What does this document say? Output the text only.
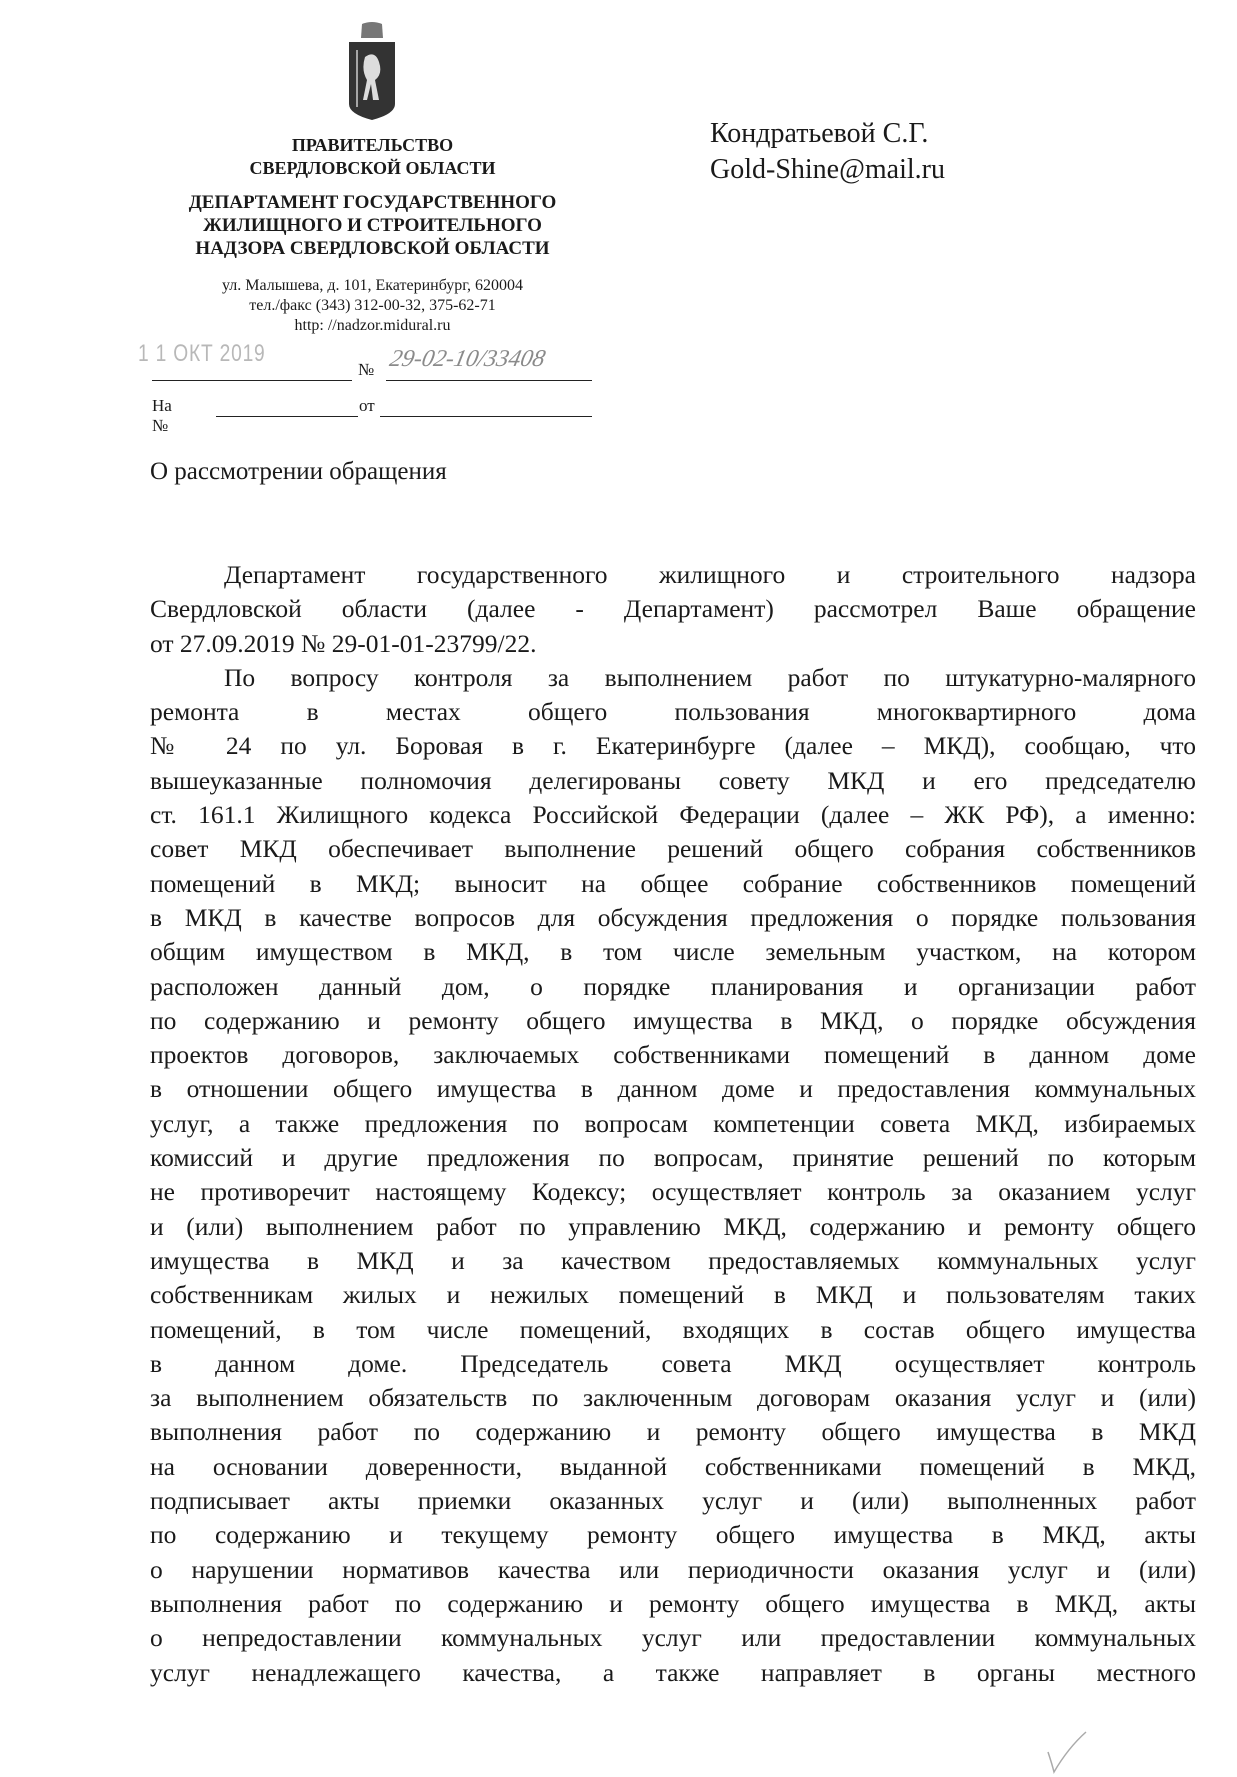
ПРАВИТЕЛЬСТВО
СВЕРДЛОВСКОЙ ОБЛАСТИ
ДЕПАРТАМЕНТ ГОСУДАРСТВЕННОГО
ЖИЛИЩНОГО И СТРОИТЕЛЬНОГО
НАДЗОРА СВЕРДЛОВСКОЙ ОБЛАСТИ
ул. Малышева, д. 101, Екатеринбург, 620004
тел./факс (343) 312-00-32, 375-62-71
http: //nadzor.midural.ru
1 1 ОКТ 2019
№
На №
от
29-02-10/33408
Кондратьевой С.Г.
Gold-Shine@mail.ru
О рассмотрении обращения
Департамент государственного жилищного и строительного надзора
Свердловской области (далее - Департамент) рассмотрел Ваше обращение
от 27.09.2019 № 29-01-01-23799/22.
По вопросу контроля за выполнением работ по штукатурно-малярного
ремонта в местах общего пользования многоквартирного дома
№ 24 по ул. Боровая в г. Екатеринбурге (далее – МКД), сообщаю, что
вышеуказанные полномочия делегированы совету МКД и его председателю
ст. 161.1 Жилищного кодекса Российской Федерации (далее – ЖК РФ), а именно:
совет МКД обеспечивает выполнение решений общего собрания собственников
помещений в МКД; выносит на общее собрание собственников помещений
в МКД в качестве вопросов для обсуждения предложения о порядке пользования
общим имуществом в МКД, в том числе земельным участком, на котором
расположен данный дом, о порядке планирования и организации работ
по содержанию и ремонту общего имущества в МКД, о порядке обсуждения
проектов договоров, заключаемых собственниками помещений в данном доме
в отношении общего имущества в данном доме и предоставления коммунальных
услуг, а также предложения по вопросам компетенции совета МКД, избираемых
комиссий и другие предложения по вопросам, принятие решений по которым
не противоречит настоящему Кодексу; осуществляет контроль за оказанием услуг
и (или) выполнением работ по управлению МКД, содержанию и ремонту общего
имущества в МКД и за качеством предоставляемых коммунальных услуг
собственникам жилых и нежилых помещений в МКД и пользователям таких
помещений, в том числе помещений, входящих в состав общего имущества
в данном доме. Председатель совета МКД осуществляет контроль
за выполнением обязательств по заключенным договорам оказания услуг и (или)
выполнения работ по содержанию и ремонту общего имущества в МКД
на основании доверенности, выданной собственниками помещений в МКД,
подписывает акты приемки оказанных услуг и (или) выполненных работ
по содержанию и текущему ремонту общего имущества в МКД, акты
о нарушении нормативов качества или периодичности оказания услуг и (или)
выполнения работ по содержанию и ремонту общего имущества в МКД, акты
о непредоставлении коммунальных услуг или предоставлении коммунальных
услуг ненадлежащего качества, а также направляет в органы местного
